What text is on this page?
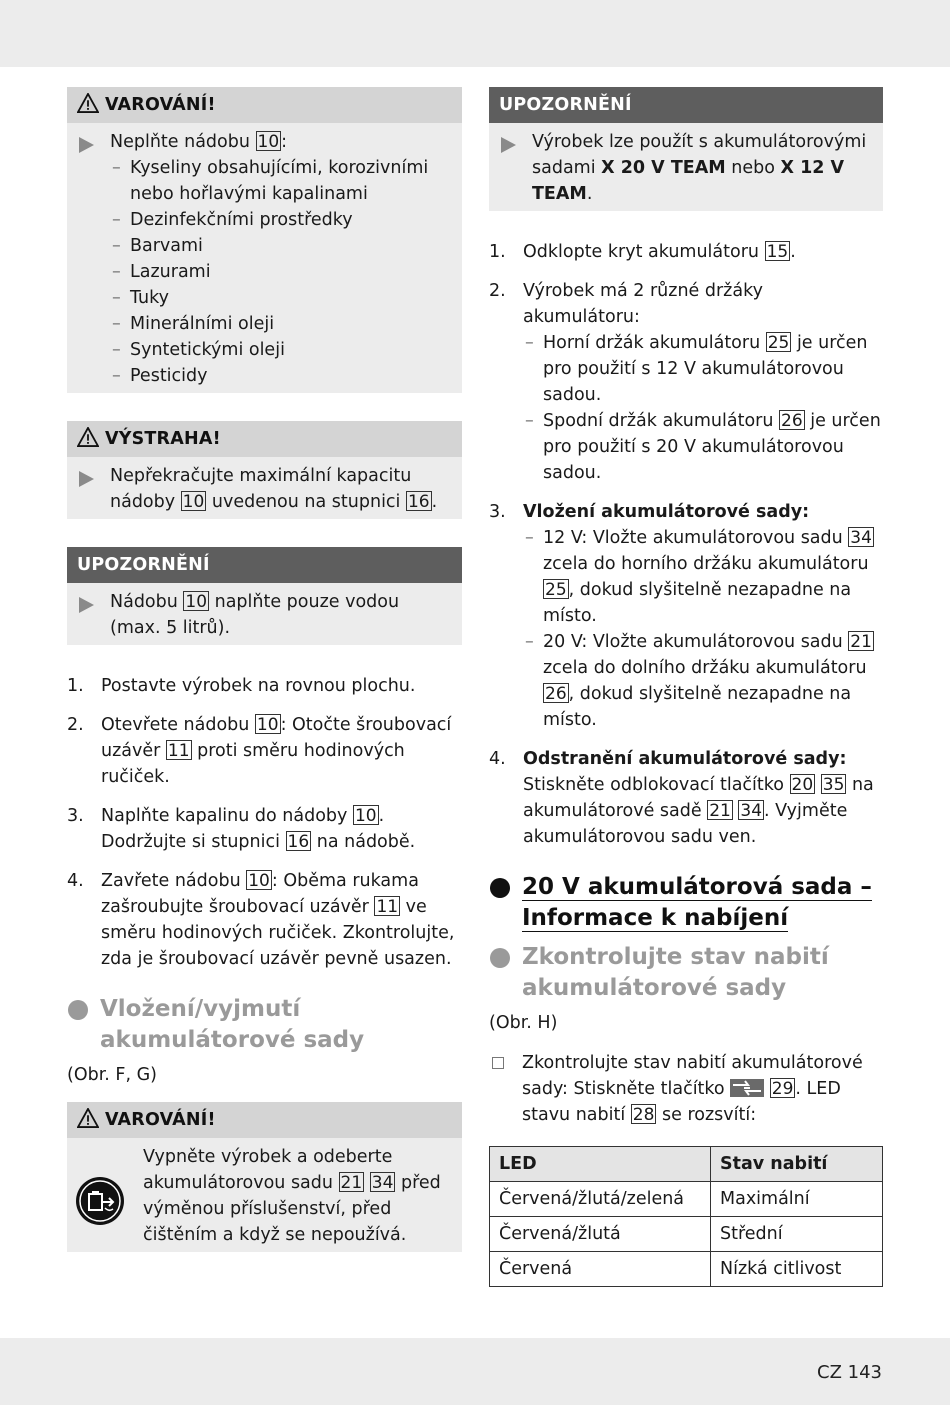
VAROVÁNÍ!
Neplňte nádobu 10 :
– Kyseliny obsahujícími, korozivními nebo hořlavými kapalinami
– Dezinfekčními prostředky
– Barvami
– Lazurami
– Tuky
– Minerálními oleji
– Syntetickými oleji
– Pesticidy
VÝSTRAHA!
Nepřekračujte maximální kapacitu nádoby 10 uvedenou na stupnici 16 .
UPOZORNĚNÍ
Nádobu 10 naplňte pouze vodou (max. 5 litrů).
1. Postavte výrobek na rovnou plochu.
2. Otevřete nádobu 10 : Otočte šroubovací uzávěr 11 proti směru hodinových ručiček.
3. Naplňte kapalinu do nádoby 10 . Dodržujte si stupnici 16 na nádobě.
4. Zavřete nádobu 10 : Oběma rukama zašroubujte šroubovací uzávěr 11 ve směru hodinových ručiček. Zkontrolujte, zda je šroubovací uzávěr pevně usazen.
Vložení/vyjmutí akumulátorové sady
(Obr. F, G)
VAROVÁNÍ!
Vypněte výrobek a odeberte akumulátorovou sadu 21 34 před výměnou příslušenství, před čištěním a když se nepoužívá.
UPOZORNĚNÍ
Výrobek lze použít s akumulátorovými sadami X 20 V TEAM nebo X 12 V TEAM.
1. Odklopte kryt akumulátoru 15 .
2. Výrobek má 2 různé držáky akumulátoru:
– Horní držák akumulátoru 25 je určen pro použití s 12 V akumulátorovou sadou.
– Spodní držák akumulátoru 26 je určen pro použití s 20 V akumulátorovou sadou.
3. Vložení akumulátorové sady:
– 12 V: Vložte akumulátorovou sadu 34 zcela do horního držáku akumulátoru 25 , dokud slyšitelně nezapadne na místo.
– 20 V: Vložte akumulátorovou sadu 21 zcela do dolního držáku akumulátoru 26 , dokud slyšitelně nezapadne na místo.
4. Odstranění akumulátorové sady: Stiskněte odblokovací tlačítko 20 35 na akumulátorové sadě 21 34 . Vyjměte akumulátorovou sadu ven.
20 V akumulátorová sada – Informace k nabíjení
Zkontrolujte stav nabití akumulátorové sady
(Obr. H)
Zkontrolujte stav nabití akumulátorové sady: Stiskněte tlačítko  29 . LED stavu nabití 28 se rozsvítí:
LED	Stav nabití
Červená/žlutá/zelená	Maximální
Červená/žlutá	Střední
Červená	Nízká citlivost
CZ 143
